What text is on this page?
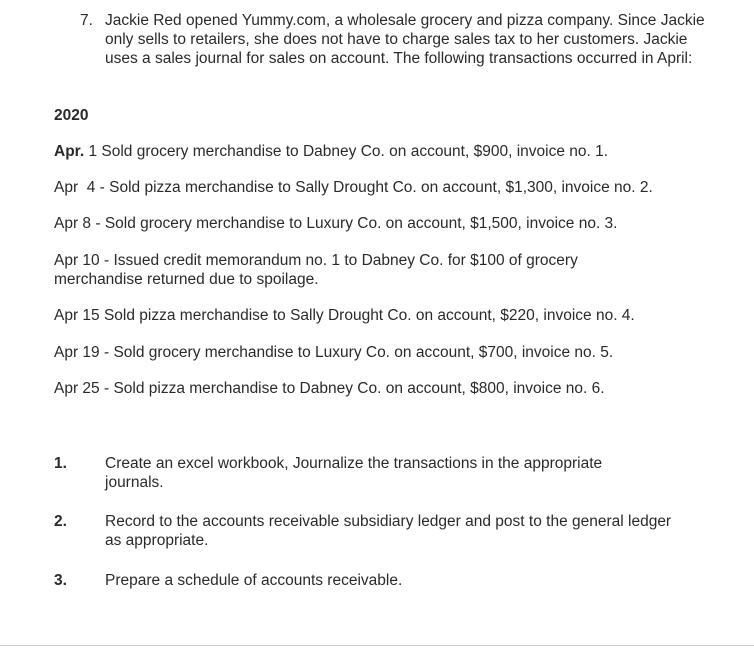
7. Jackie Red opened Yummy.com, a wholesale grocery and pizza company. Since Jackie only sells to retailers, she does not have to charge sales tax to her customers. Jackie uses a sales journal for sales on account. The following transactions occurred in April:
2020
Apr. 1 Sold grocery merchandise to Dabney Co. on account, $900, invoice no. 1.
Apr  4 - Sold pizza merchandise to Sally Drought Co. on account, $1,300, invoice no. 2.
Apr 8 - Sold grocery merchandise to Luxury Co. on account, $1,500, invoice no. 3.
Apr 10 - Issued credit memorandum no. 1 to Dabney Co. for $100 of grocery merchandise returned due to spoilage.
Apr 15 Sold pizza merchandise to Sally Drought Co. on account, $220, invoice no. 4.
Apr 19 - Sold grocery merchandise to Luxury Co. on account, $700, invoice no. 5.
Apr 25 - Sold pizza merchandise to Dabney Co. on account, $800, invoice no. 6.
1. Create an excel workbook, Journalize the transactions in the appropriate journals.
2. Record to the accounts receivable subsidiary ledger and post to the general ledger as appropriate.
3. Prepare a schedule of accounts receivable.
